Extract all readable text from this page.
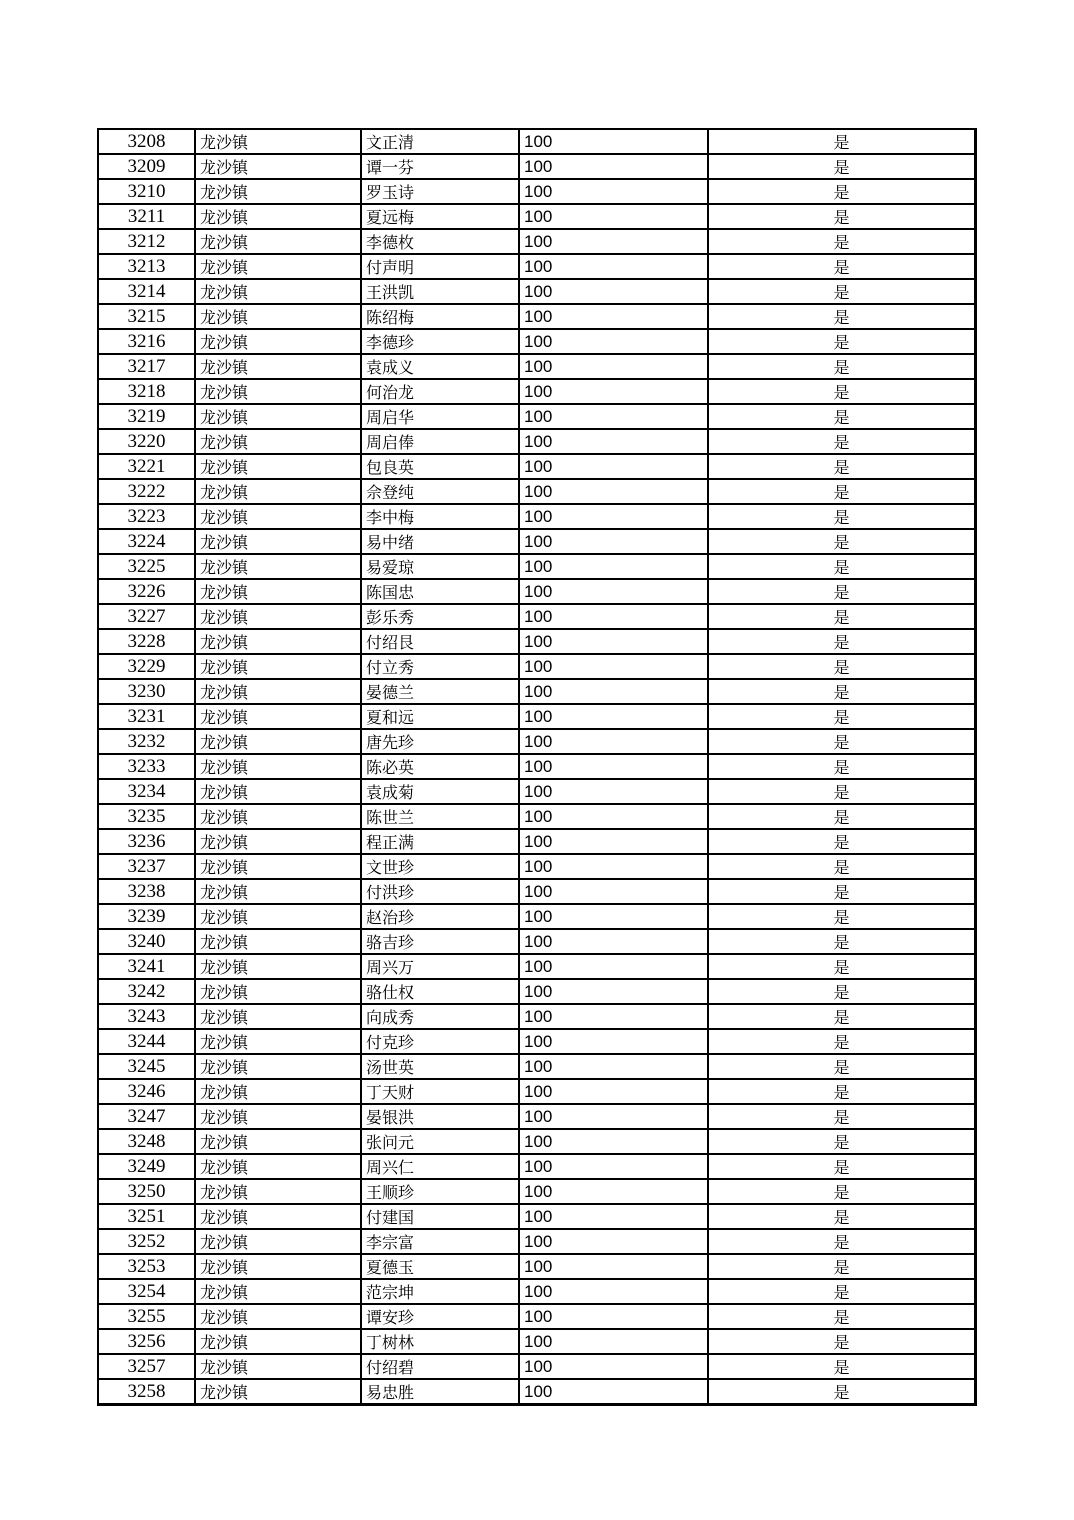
3208	龙沙镇	文正清	100	是
3209	龙沙镇	谭一芬	100	是
3210	龙沙镇	罗玉诗	100	是
3211	龙沙镇	夏远梅	100	是
3212	龙沙镇	李德枚	100	是
3213	龙沙镇	付声明	100	是
3214	龙沙镇	王洪凯	100	是
3215	龙沙镇	陈绍梅	100	是
3216	龙沙镇	李德珍	100	是
3217	龙沙镇	袁成义	100	是
3218	龙沙镇	何治龙	100	是
3219	龙沙镇	周启华	100	是
3220	龙沙镇	周启俸	100	是
3221	龙沙镇	包良英	100	是
3222	龙沙镇	佘登纯	100	是
3223	龙沙镇	李中梅	100	是
3224	龙沙镇	易中绪	100	是
3225	龙沙镇	易爱琼	100	是
3226	龙沙镇	陈国忠	100	是
3227	龙沙镇	彭乐秀	100	是
3228	龙沙镇	付绍艮	100	是
3229	龙沙镇	付立秀	100	是
3230	龙沙镇	晏德兰	100	是
3231	龙沙镇	夏和远	100	是
3232	龙沙镇	唐先珍	100	是
3233	龙沙镇	陈必英	100	是
3234	龙沙镇	袁成菊	100	是
3235	龙沙镇	陈世兰	100	是
3236	龙沙镇	程正满	100	是
3237	龙沙镇	文世珍	100	是
3238	龙沙镇	付洪珍	100	是
3239	龙沙镇	赵治珍	100	是
3240	龙沙镇	骆吉珍	100	是
3241	龙沙镇	周兴万	100	是
3242	龙沙镇	骆仕权	100	是
3243	龙沙镇	向成秀	100	是
3244	龙沙镇	付克珍	100	是
3245	龙沙镇	汤世英	100	是
3246	龙沙镇	丁天财	100	是
3247	龙沙镇	晏银洪	100	是
3248	龙沙镇	张问元	100	是
3249	龙沙镇	周兴仁	100	是
3250	龙沙镇	王顺珍	100	是
3251	龙沙镇	付建国	100	是
3252	龙沙镇	李宗富	100	是
3253	龙沙镇	夏德玉	100	是
3254	龙沙镇	范宗坤	100	是
3255	龙沙镇	谭安珍	100	是
3256	龙沙镇	丁树林	100	是
3257	龙沙镇	付绍碧	100	是
3258	龙沙镇	易忠胜	100	是
